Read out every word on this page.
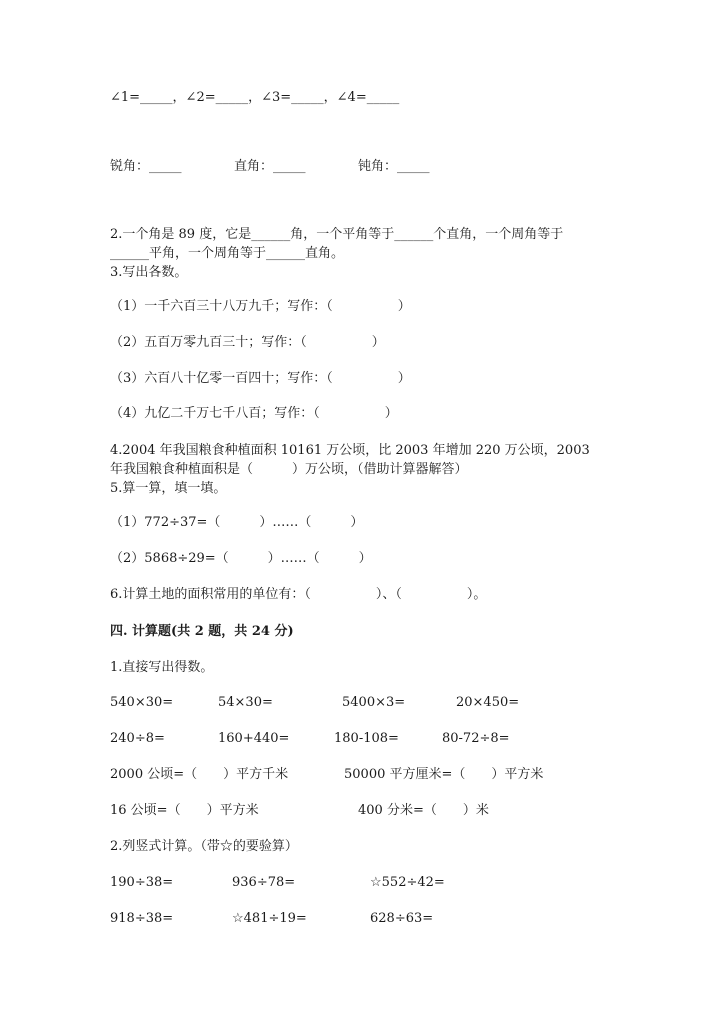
∠1=_____，∠2=_____，∠3=_____，∠4=_____
锐角：_____	直角：_____	钝角：_____
2.一个角是 89 度，它是______角，一个平角等于______个直角，一个周角等于
______平角，一个周角等于______直角。
3.写出各数。
（1）一千六百三十八万九千；写作：（　　　　　）
（2）五百万零九百三十；写作：（　　　　　）
（3）六百八十亿零一百四十；写作：（　　　　　）
（4）九亿二千万七千八百；写作：（　　　　　）
4.2004 年我国粮食种植面积 10161 万公顷，比 2003 年增加 220 万公顷，2003
年我国粮食种植面积是（　　　）万公顷，（借助计算器解答）
5.算一算，填一填。
（1）772÷37=（　　　）……（　　　）
（2）5868÷29=（　　　）……（　　　）
6.计算土地的面积常用的单位有：（　　　　　）、（　　　　　）。
四. 计算题(共 2 题，共 24 分)
1.直接写出得数。
540×30=	54×30=	5400×3=	20×450=
240÷8=	160+440=	180-108=	80-72÷8=
2000 公顷=（　　）平方千米	50000 平方厘米=（　　）平方米
16 公顷=（　　）平方米	400 分米=（　　）米
2.列竖式计算。（带☆的要验算）
190÷38=	936÷78=	☆552÷42=
918÷38=	☆481÷19=	628÷63=
